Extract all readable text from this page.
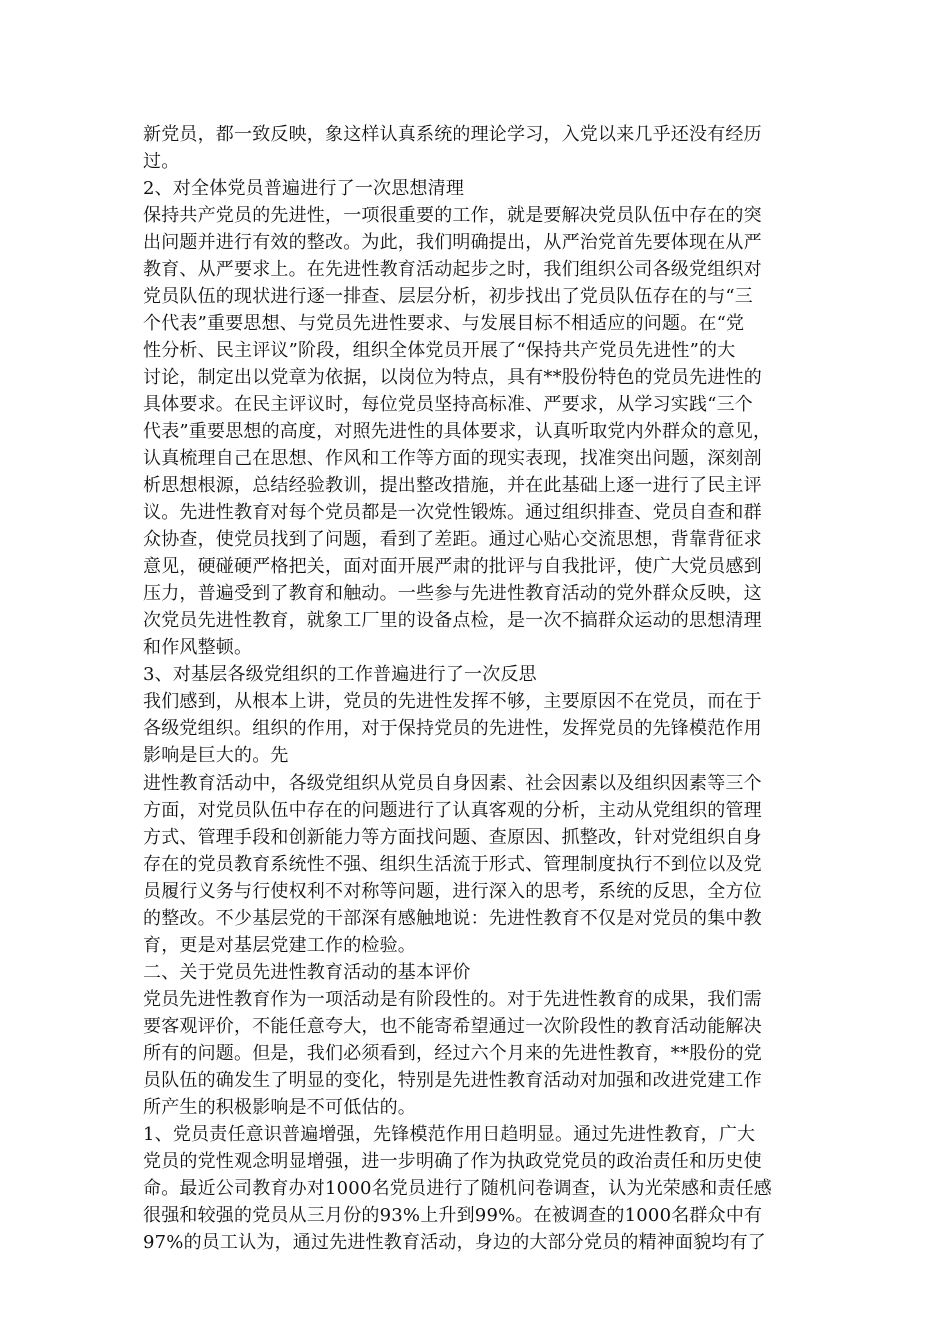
新党员，都一致反映，象这样认真系统的理论学习，入党以来几乎还没有经历
过。
2、对全体党员普遍进行了一次思想清理
保持共产党员的先进性，一项很重要的工作，就是要解决党员队伍中存在的突
出问题并进行有效的整改。为此，我们明确提出，从严治党首先要体现在从严
教育、从严要求上。在先进性教育活动起步之时，我们组织公司各级党组织对
党员队伍的现状进行逐一排查、层层分析，初步找出了党员队伍存在的与“三
个代表”重要思想、与党员先进性要求、与发展目标不相适应的问题。在“党
性分析、民主评议”阶段，组织全体党员开展了“保持共产党员先进性”的大
讨论，制定出以党章为依据，以岗位为特点，具有**股份特色的党员先进性的
具体要求。在民主评议时，每位党员坚持高标准、严要求，从学习实践“三个
代表”重要思想的高度，对照先进性的具体要求，认真听取党内外群众的意见，
认真梳理自己在思想、作风和工作等方面的现实表现，找准突出问题，深刻剖
析思想根源，总结经验教训，提出整改措施，并在此基础上逐一进行了民主评
议。先进性教育对每个党员都是一次党性锻炼。通过组织排查、党员自查和群
众协查，使党员找到了问题，看到了差距。通过心贴心交流思想，背靠背征求
意见，硬碰硬严格把关，面对面开展严肃的批评与自我批评，使广大党员感到
压力，普遍受到了教育和触动。一些参与先进性教育活动的党外群众反映，这
次党员先进性教育，就象工厂里的设备点检，是一次不搞群众运动的思想清理
和作风整顿。
3、对基层各级党组织的工作普遍进行了一次反思
我们感到，从根本上讲，党员的先进性发挥不够，主要原因不在党员，而在于
各级党组织。组织的作用，对于保持党员的先进性，发挥党员的先锋模范作用
影响是巨大的。先
进性教育活动中，各级党组织从党员自身因素、社会因素以及组织因素等三个
方面，对党员队伍中存在的问题进行了认真客观的分析，主动从党组织的管理
方式、管理手段和创新能力等方面找问题、查原因、抓整改，针对党组织自身
存在的党员教育系统性不强、组织生活流于形式、管理制度执行不到位以及党
员履行义务与行使权利不对称等问题，进行深入的思考，系统的反思，全方位
的整改。不少基层党的干部深有感触地说：先进性教育不仅是对党员的集中教
育，更是对基层党建工作的检验。
二、关于党员先进性教育活动的基本评价
党员先进性教育作为一项活动是有阶段性的。对于先进性教育的成果，我们需
要客观评价，不能任意夸大，也不能寄希望通过一次阶段性的教育活动能解决
所有的问题。但是，我们必须看到，经过六个月来的先进性教育，**股份的党
员队伍的确发生了明显的变化，特别是先进性教育活动对加强和改进党建工作
所产生的积极影响是不可低估的。
1、党员责任意识普遍增强，先锋模范作用日趋明显。通过先进性教育，广大
党员的党性观念明显增强，进一步明确了作为执政党党员的政治责任和历史使
命。最近公司教育办对1000名党员进行了随机问卷调查，认为光荣感和责任感
很强和较强的党员从三月份的93%上升到99%。在被调查的1000名群众中有
97%的员工认为，通过先进性教育活动，身边的大部分党员的精神面貌均有了
